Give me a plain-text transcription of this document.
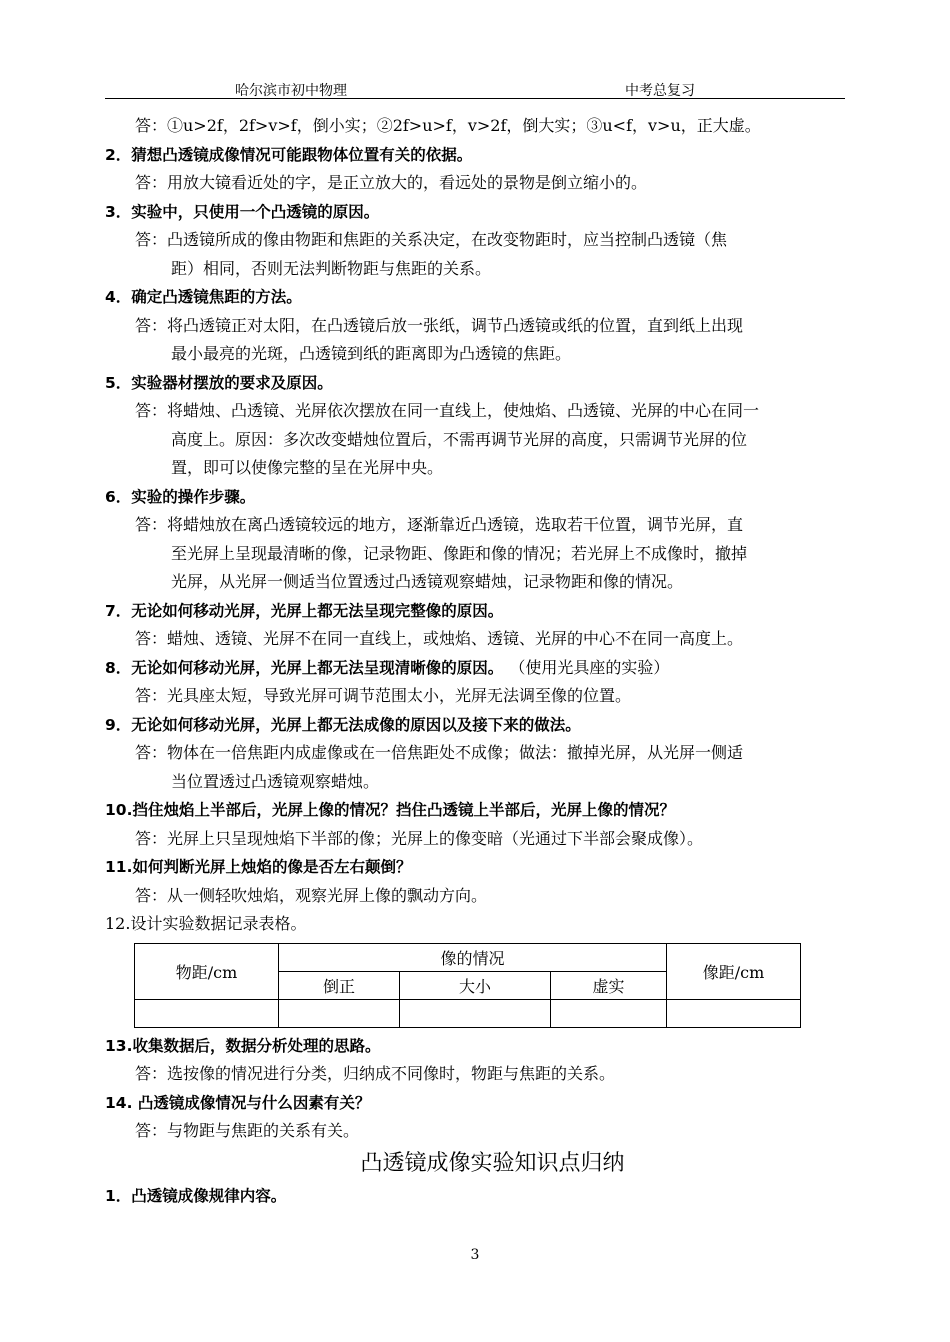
哈尔滨市初中物理	中考总复习
答：①u>2f，2f>v>f，倒小实；②2f>u>f，v>2f，倒大实；③u<f，v>u，正大虚。
2．猜想凸透镜成像情况可能跟物体位置有关的依据。
答：用放大镜看近处的字，是正立放大的，看远处的景物是倒立缩小的。
3．实验中，只使用一个凸透镜的原因。
答：凸透镜所成的像由物距和焦距的关系决定，在改变物距时，应当控制凸透镜（焦
距）相同，否则无法判断物距与焦距的关系。
4．确定凸透镜焦距的方法。
答：将凸透镜正对太阳，在凸透镜后放一张纸，调节凸透镜或纸的位置，直到纸上出现
最小最亮的光斑，凸透镜到纸的距离即为凸透镜的焦距。
5．实验器材摆放的要求及原因。
答：将蜡烛、凸透镜、光屏依次摆放在同一直线上，使烛焰、凸透镜、光屏的中心在同一
高度上。原因：多次改变蜡烛位置后，不需再调节光屏的高度，只需调节光屏的位
置，即可以使像完整的呈在光屏中央。
6．实验的操作步骤。
答：将蜡烛放在离凸透镜较远的地方，逐渐靠近凸透镜，选取若干位置，调节光屏，直
至光屏上呈现最清晰的像，记录物距、像距和像的情况；若光屏上不成像时，撤掉
光屏，从光屏一侧适当位置透过凸透镜观察蜡烛，记录物距和像的情况。
7．无论如何移动光屏，光屏上都无法呈现完整像的原因。
答：蜡烛、透镜、光屏不在同一直线上，或烛焰、透镜、光屏的中心不在同一高度上。
8．无论如何移动光屏，光屏上都无法呈现清晰像的原因。 （使用光具座的实验）
答：光具座太短，导致光屏可调节范围太小，光屏无法调至像的位置。
9．无论如何移动光屏，光屏上都无法成像的原因以及接下来的做法。
答：物体在一倍焦距内成虚像或在一倍焦距处不成像；做法：撤掉光屏，从光屏一侧适
当位置透过凸透镜观察蜡烛。
10.挡住烛焰上半部后，光屏上像的情况？挡住凸透镜上半部后，光屏上像的情况？
答：光屏上只呈现烛焰下半部的像；光屏上的像变暗（光通过下半部会聚成像）。
11.如何判断光屏上烛焰的像是否左右颠倒？
答：从一侧轻吹烛焰，观察光屏上像的飘动方向。
12.设计实验数据记录表格。
物距/cm	像的情况			像距/cm
	倒正	大小	虚实	

13.收集数据后，数据分析处理的思路。
答：选按像的情况进行分类，归纳成不同像时，物距与焦距的关系。
14. 凸透镜成像情况与什么因素有关？
答：与物距与焦距的关系有关。
凸透镜成像实验知识点归纳
1．凸透镜成像规律内容。
3
